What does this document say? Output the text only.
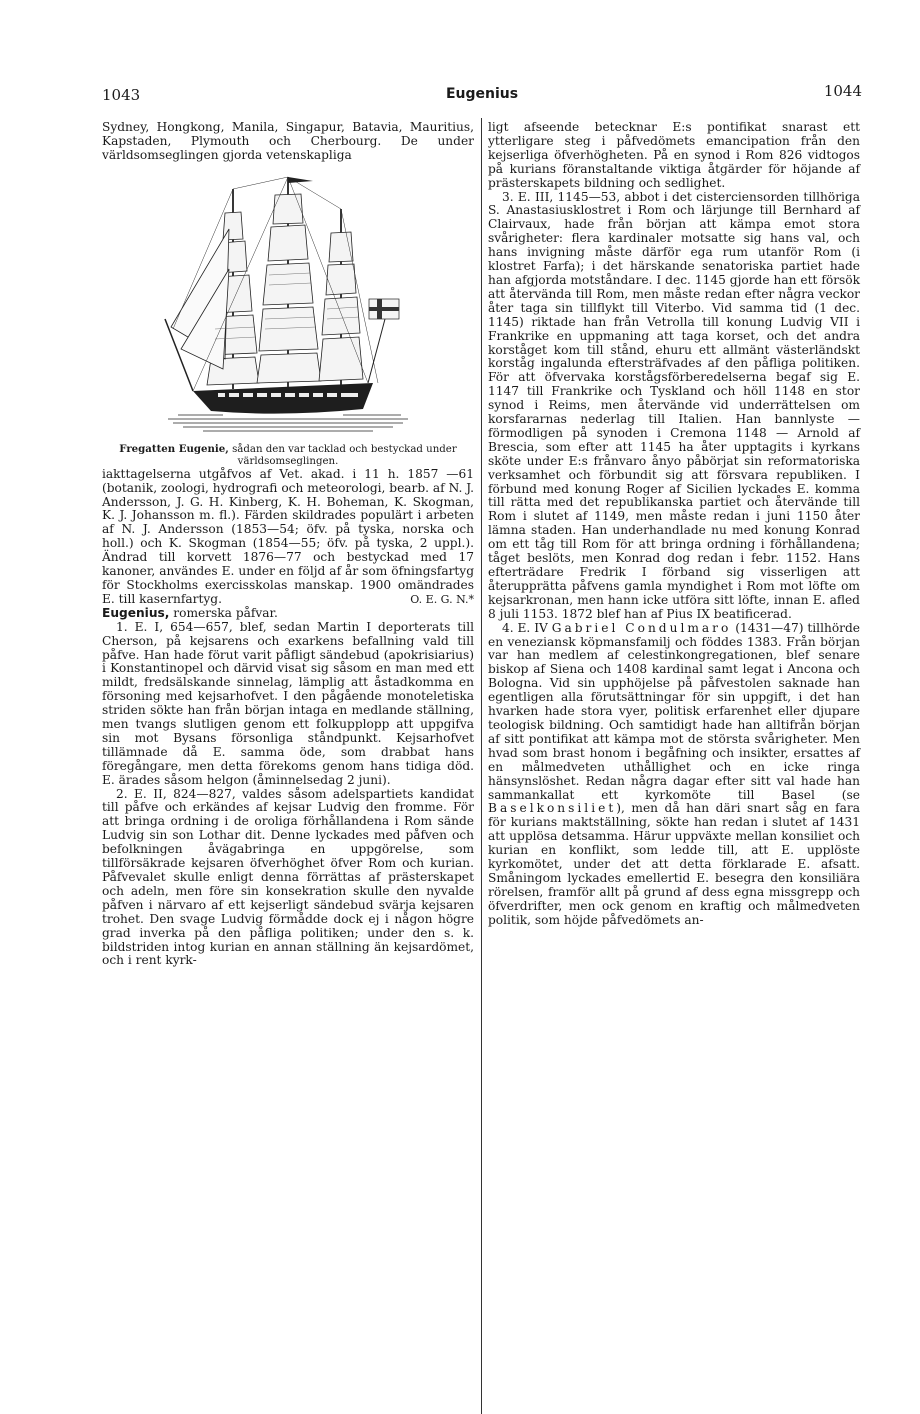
1043	Eugenius	1044

Sydney, Hongkong, Manila, Singapur, Batavia, Mauritius, Kapstaden, Plymouth och Cherbourg. De under världsomseglingen gjorda vetenskapliga

Fregatten Eugenie, sådan den var tacklad och bestyckad under världsomseglingen.

iakttagelserna utgåfvos af Vet. akad. i 11 h. 1857 —61 (botanik, zoologi, hydrografi och meteorologi, bearb. af N. J. Andersson, J. G. H. Kinberg, K. H. Boheman, K. Skogman, K. J. Johansson m. fl.). Färden skildrades populärt i arbeten af N. J. Andersson (1853—54; öfv. på tyska, norska och holl.) och K. Skogman (1854—55; öfv. på tyska, 2 uppl.). Ändrad till korvett 1876—77 och bestyckad med 17 kanoner, användes E. under en följd af år som öfningsfartyg för Stockholms exercisskolas manskap. 1900 omändrades E. till kasernfartyg.	O. E. G. N.*

Eugenius, romerska påfvar.

1. E. I, 654—657, blef, sedan Martin I deporterats till Cherson, på kejsarens och exarkens befallning vald till påfve. Han hade förut varit påfligt sändebud (apokrisiarius) i Konstantinopel och därvid visat sig såsom en man med ett mildt, fredsälskande sinnelag, lämplig att åstadkomma en försoning med kejsarhofvet. I den pågående monoteletiska striden sökte han från början intaga en medlande ställning, men tvangs slutligen genom ett folkupplopp att uppgifva sin mot Bysans försonliga ståndpunkt. Kejsarhofvet tillämnade då E. samma öde, som drabbat hans föregångare, men detta förekoms genom hans tidiga död. E. ärades såsom helgon (åminnelsedag 2 juni).

2. E. II, 824—827, valdes såsom adelspartiets kandidat till påfve och erkändes af kejsar Ludvig den fromme. För att bringa ordning i de oroliga förhållandena i Rom sände Ludvig sin son Lothar dit. Denne lyckades med påfven och befolkningen åvägabringa en uppgörelse, som tillförsäkrade kejsaren öfverhöghet öfver Rom och kurian. Påfvevalet skulle enligt denna förrättas af prästerskapet och adeln, men före sin konsekration skulle den nyvalde påfven i närvaro af ett kejserligt sändebud svärja kejsaren trohet. Den svage Ludvig förmådde dock ej i någon högre grad inverka på den påfliga politiken; under den s. k. bildstriden intog kurian en annan ställning än kejsardömet, och i rent kyrk-

ligt afseende betecknar E:s pontifikat snarast ett ytterligare steg i påfvedömets emancipation från den kejserliga öfverhögheten. På en synod i Rom 826 vidtogos på kurians föranstaltande viktiga åtgärder för höjande af prästerskapets bildning och sedlighet.

3. E. III, 1145—53, abbot i det cisterciensorden tillhöriga S. Anastasiusklostret i Rom och lärjunge till Bernhard af Clairvaux, hade från början att kämpa emot stora svårigheter: flera kardinaler motsatte sig hans val, och hans invigning måste därför ega rum utanför Rom (i klostret Farfa); i det härskande senatoriska partiet hade han afgjorda motståndare. I dec. 1145 gjorde han ett försök att återvända till Rom, men måste redan efter några veckor åter taga sin tillflykt till Viterbo. Vid samma tid (1 dec. 1145) riktade han från Vetrolla till konung Ludvig VII i Frankrike en uppmaning att taga korset, och det andra korståget kom till stånd, ehuru ett allmänt västerländskt korståg ingalunda eftersträfvades af den påfliga politiken. För att öfvervaka korstågsförberedelserna begaf sig E. 1147 till Frankrike och Tyskland och höll 1148 en stor synod i Reims, men återvände vid underrättelsen om korsfararnas nederlag till Italien. Han bannlyste — förmodligen på synoden i Cremona 1148 — Arnold af Brescia, som efter att 1145 ha åter upptagits i kyrkans sköte under E:s frånvaro ånyo påbörjat sin reformatoriska verksamhet och förbundit sig att försvara republiken. I förbund med konung Roger af Sicilien lyckades E. komma till rätta med det republikanska partiet och återvände till Rom i slutet af 1149, men måste redan i juni 1150 åter lämna staden. Han underhandlade nu med konung Konrad om ett tåg till Rom för att bringa ordning i förhållandena; tåget beslöts, men Konrad dog redan i febr. 1152. Hans efterträdare Fredrik I förband sig visserligen att återupprätta påfvens gamla myndighet i Rom mot löfte om kejsarkronan, men hann icke utföra sitt löfte, innan E. afled 8 juli 1153. 1872 blef han af Pius IX beatificerad.

4. E. IV Gabriel Condulmaro (1431—47) tillhörde en veneziansk köpmansfamilj och föddes 1383. Från början var han medlem af celestinkongregationen, blef senare biskop af Siena och 1408 kardinal samt legat i Ancona och Bologna. Vid sin upphöjelse på påfvestolen saknade han egentligen alla förutsättningar för sin uppgift, i det han hvarken hade stora vyer, politisk erfarenhet eller djupare teologisk bildning. Och samtidigt hade han alltifrån början af sitt pontifikat att kämpa mot de största svårigheter. Men hvad som brast honom i begåfning och insikter, ersattes af en målmedveten uthållighet och en icke ringa hänsynslöshet. Redan några dagar efter sitt val hade han sammankallat ett kyrkomöte till Basel (se Baselkonsiliet), men då han däri snart såg en fara för kurians maktställning, sökte han redan i slutet af 1431 att upplösa detsamma. Härur uppväxte mellan konsiliet och kurian en konflikt, som ledde till, att E. upplöste kyrkomötet, under det att detta förklarade E. afsatt. Småningom lyckades emellertid E. besegra den konsiliära rörelsen, framför allt på grund af dess egna missgrepp och öfverdrifter, men ock genom en kraftig och målmedveten politik, som höjde påfvedömets an-
